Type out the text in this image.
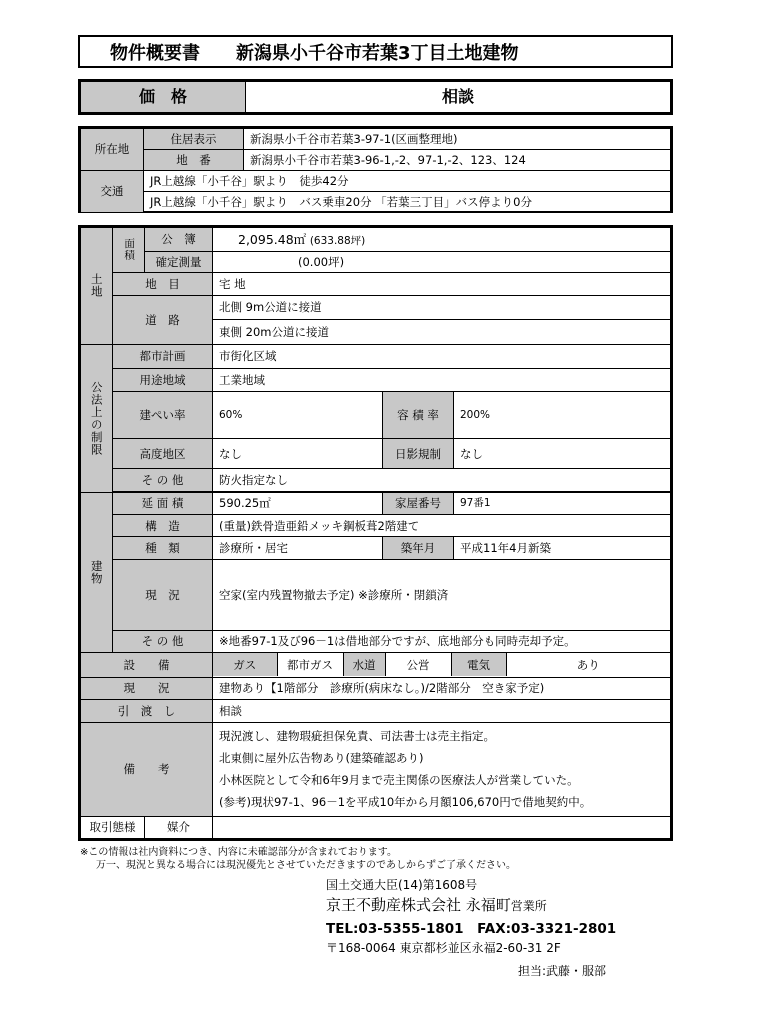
物件概要書 新潟県小千谷市若葉3丁目土地建物
価　格	相談
所在地	住居表示	新潟県小千谷市若葉3-97-1(区画整理地)
	地　番	新潟県小千谷市若葉3-96-1,-2、97-1,-2、123、124
交通	JR上越線「小千谷」駅より　徒歩42分	
	JR上越線「小千谷」駅より　バス乗車20分 「若葉三丁目」バス停より0分	
土地	面積	公　簿	2,095.48㎡ (633.88坪)
確定測量	(0.00坪)
地　目	宅 地
道　路	北側 9m公道に接道
東側 20m公道に接道
公法上の制限	都市計画	市街化区域
用途地域	工業地域
建ぺい率	60%	容 積 率	200%
高度地区	なし	日影規制	なし
そ の 他	防火指定なし

建物	延 面 積	590.25㎡	家屋番号	97番1
構　造	(重量)鉄骨造亜鉛メッキ鋼板葺2階建て
種　類	診療所・居宅	築年月	平成11年4月新築
現　況	空家(室内残置物撤去予定) ※診療所・閉鎖済
そ の 他	※地番97-1及び96－1は借地部分ですが、底地部分も同時売却予定。
設　　備		ガス	都市ガス	水道	公営	電気	あり

現　　況	建物あり【1階部分　診療所(病床なし。)/2階部分　空き家予定)
引　渡　し	相談
備　　考	
現況渡し、建物瑕疵担保免責、司法書士は売主指定。
北東側に屋外広告物あり(建築確認あり)
小林医院として令和6年9月まで売主関係の医療法人が営業していた。
(参考)現状97-1、96－1を平成10年から月額106,670円で借地契約中。

取引態様	媒介	
※この情報は社内資料につき、内容に未確認部分が含まれております。
万一、現況と異なる場合には現況優先とさせていただきますのであしからずご了承ください。
国土交通大臣(14)第1608号
京王不動産株式会社 永福町営業所
TEL:03-5355-1801　FAX:03-3321-2801
〒168-0064 東京都杉並区永福2-60-31 2F
担当:武藤・服部
